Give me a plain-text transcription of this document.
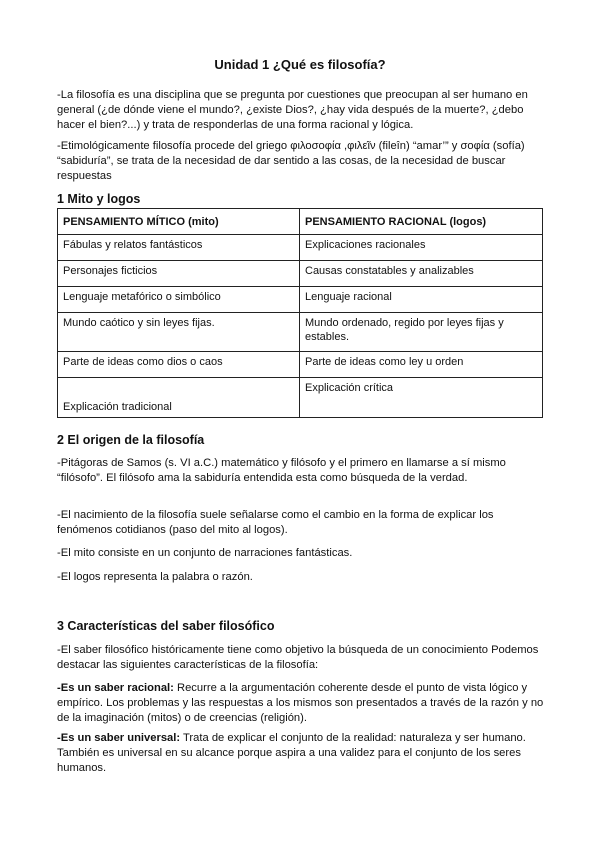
Unidad 1 ¿Qué es filosofía?

-La filosofía es una disciplina que se pregunta por cuestiones que preocupan al ser humano en general (¿de dónde viene el mundo?, ¿existe Dios?, ¿hay vida después de la muerte?, ¿debo hacer el bien?...) y trata de responderlas de una forma racional y lógica.

-Etimológicamente filosofía procede del griego φιλοσοφία ,φιλεῖν (fileîn) “amar’” y σοφία (sofía) “sabiduría”, se trata de la necesidad de dar sentido a las cosas, de la necesidad de buscar respuestas

1 Mito y logos
PENSAMIENTO MÍTICO (mito)	PENSAMIENTO RACIONAL (logos)
Fábulas y relatos fantásticos	Explicaciones racionales
Personajes ficticios	Causas constatables y analizables
Lenguaje metafórico o simbólico	Lenguaje racional
Mundo caótico y sin leyes fijas.	Mundo ordenado, regido por leyes fijas y estables.
Parte de ideas como dios o caos	Parte de ideas como ley u orden
Explicación tradicional	Explicación crítica
2 El origen de la filosofía

-Pitágoras de Samos (s. VI a.C.) matemático y filósofo y el primero en llamarse a sí mismo “filósofo”. El filósofo ama la sabiduría entendida esta como búsqueda de la verdad.

-El nacimiento de la filosofía suele señalarse como el cambio en la forma de explicar los fenómenos cotidianos (paso del mito al logos).

-El mito consiste en un conjunto de narraciones fantásticas.

-El logos representa la palabra o razón.

3 Características del saber filosófico

-El saber filosófico históricamente tiene como objetivo la búsqueda de un conocimiento Podemos destacar las siguientes características de la filosofía:

-Es un saber racional: Recurre a la argumentación coherente desde el punto de vista lógico y empírico. Los problemas y las respuestas a los mismos son presentados a través de la razón y no de la imaginación (mitos) o de creencias (religión).

-Es un saber universal: Trata de explicar el conjunto de la realidad: naturaleza y ser humano. También es universal en su alcance porque aspira a una validez para el conjunto de los seres humanos.
